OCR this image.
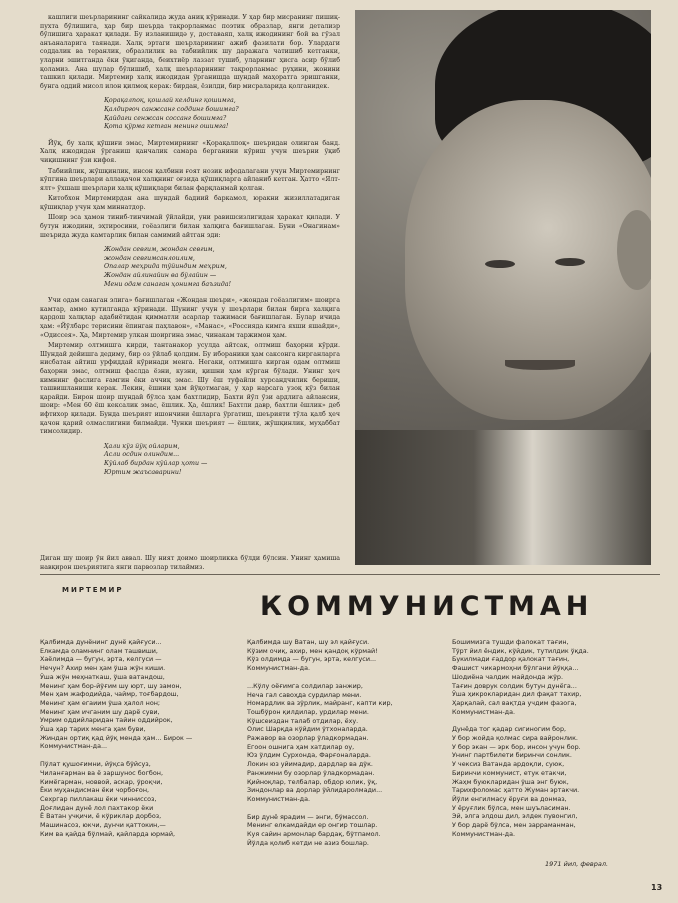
кашлиги шеърларининг сайкалида жуда аниқ кўринади. У ҳар бир мисранинг пишиқ-пухта бўлишига, ҳар бир шеърда тақрорланмас поэтик образлар, янги детализр бўлишига ҳаракат қилади. Бу изланишидә у, доставаяп, халқ ижодининг бой ва гўзал анъаналарига таянади. Халқ эртаги шеърларининг ажиб фазилати бор. Улардаги соддалик ва теранлик, образлилик ва табиийлик шу даражага чатишиб кетганки, уларни эшитганда ёки ўқиганда, беихтиёр лаззат тушиб, уларнинг ҳисга асир бўлиб қоламиз. Ана шулар бўлишиб, халқ шеърларининг тақрорланмас руҳини, жонини ташкил қилади. Миртемир халқ ижодидан ўрганишда шундай маҳоратга эришганки, бунга оддий мисол илон қилмоқ керак: бирдан, ёзилди, бир мисраларида қолганидек.

Қорақалпоқ, қошлай келдинг қошимга,
Қалдирғоч санжсанг соддинг бошимга?
Қайдаги сенжсан соссанг бошимга?
Қота қўрма кетган менинг ошимга!

Йўқ, бу халқ қўшиғи эмас, Миртемирнинг «Қорақалпоқ» шеъридан олинган банд. Халқ ижодидан ўрганиш қанчалик самара берганини кўриш учун шеърни ўқиб чиқишнинг ўзи кифоя.

Табиийлик, жўшқинлик, инсон қалбини ғоят нозик ифодалагани учун Миртемирнинг кўпгина шеърлари аллақачон халқнинг оғзида қўшиқларга айланиб кетган. Ҳатто «Ялт-ялт» ўхшаш шеърлари халқ қўшиқлари билан фарқланмай қолган.

Китобхон Миртемирдан ана шундай бадиий баркамол, юракни жизиллатадиган қўшиқлар учун ҳам миннатдор.

Шоир эса ҳамон тиниб-тинчимай ўйлайди, уни равишсизлигидан ҳаракат қилади. У бутун ижодини, эҳтиросини, гоёазлиги билан халқига бағишлаган. Буни «Онагинам» шеърида жуда камтарлик билан самимий айтган эди:

Жондан севгим, жондан севгим,
жондан севгимсанлоилим,
Опалар меҳрида тўйиндим меҳрим,
Жондан айлинайин ва бўлайин —
Мени одам санаган ҳонимга баъзида!

Учи одам санаган элига» бағишлаган «Жондан шеъри», «жондан гоёазлигим» шоирга камтар, аммо кутилганда кўринади. Шунинг учун у шеърлари билан бирга халқига қардош халқлар адабиётидан қимматли асарлар тажимаси бағишлаган. Булар ичида ҳам: «Йўлбарс терисини ёпинган паҳлавон», «Манас», «Россияда кимга яхши яшайди», «Одиссея». Ҳа, Миртемир улкан шоиргина эмас, чинакам таржимон ҳам.

Миртемир олтмишга кирди, тантанакор усулда айтсак, олтмиш баҳорни кўрди. Шундай дейишга дедиму, бир оз ўйлаб қолдим. Бу ибораники ҳам саксонга кирганларга нисбатан айтиш урфиддай кўринади менга. Негаки, олтмишга кирган одам олтмиш баҳорни эмас, олтмиш фаслда ёзни, кузни, қишни ҳам кўрган бўлади. Унинг ҳеч кимнинг фаслига ғамгин ёки аччиқ эмас. Шу ёш туфайли хурсандчилик бериши, ташвишланиши керак. Лекин, ёшини ҳам йўқотмаган, у ҳар нарсага узоқ кўз билан қарайди. Бирон шоир шундай бўлса ҳам бахтлидир, Бахти йўл ўзи ардлига айлансин, шоир: «Мен 60 ёш кексалик эмас, ёшлик. Ҳа, ёшлик! Бахтли давр, бахтли ёшлик» деб ифтихор қилади. Бунда шеърият ишончини ёшларга ўргатиш, шеърияти тўла қалб ҳеч қачон қарий олмаслигини билмайди. Чунки шеърият — ёшлик, жўшқинлик, муҳаббат тимсолидир.

Ҳали кўз йўқ ойларим,
Асли осдин олиндим...
Кўйлаб бирдан кўйлар ҳоти —
Юртим жаъсаварини!

Диган шу шоир ўн йил аввал. Шу ният доимо шоирликка бўлди бўлсин. Унинг ҳамиша навқирон шеъриятига янги парвозлар тилаймиз.

МИРТЕМИР
КОММУНИСТМАН
Қалбимда дунёнинг дунё қайғуси...
Елкамда оламнинг олам ташвиши,
Хаёлимда — бугун, эрта, келгуси —
Нечун? Ахир мен ҳам ўша жўн киши.
Ўша жўн меҳнаткаш, ўша ватандош,
Менинг ҳам бор-йўғим шу юрт, шу замон,
Мен ҳам жафодийда, чаймр, тоғбардош,
Менинг ҳам егаиим ўша ҳалол нон;
Менинг ҳам ичганим шу дарё суви,
Умрим оддийларидан тайин оддийрок,
Ўша ҳар тарих менга ҳам буви,
Жиндан ортиқ қад йўқ менда ҳам... Бирок —
Коммунистман-да...
Пўлат қушоғимни, йўқса бўйсуз,
Чиланғарман ва ё заршунос богбон,
Кимёгарман, новвой, аскар, ўроқчи,
Ёки муҳандисман ёки чорбоғон,
Сехргар пиллакаш ёки чинниссоз,
Доғлидан дунё лол пахтакор ёки
Ё Ватан учқичи, ё кўриклар дорбоз,
Машинасоз, юкчи, дунчи қаттокин,—
Ким ва қайда бўлмай, қайларда юрмай,
Қалбимда шу Ватан, шу эл қайғуси.
Кўзим очиқ, ахир, мен қандоқ кўрмай!
Кўз олдимда — бугун, эрта, келгуси...
Коммунистман-да.
...Кўлу оёғимга солдилар занжир,
Неча гал савоҳда сурдилар мени.
Номардлик ва зўрлик, майранг, капти кир,
Тошбўрон қилдилар, урдилар мени.
Кўшсеиздан талаб отдилар, ёху.
Олис Шарқда кўйдим ўтхоналарда.
Ражавор ва озорлар ўладкормадан.
Егоон ошнига ҳам хатдилар оу,
Юз ўлдим Сурхонда, Фарғоналарда.
Локин юз уйимадир, дардлар ва дўк.
Ранжимни бу озорлар ўладкормадан.
Қийноқлар, телбалар, обдор юлик, ўқ,
Зиндонлар ва дорлар ўйлидаролмади...
Коммунистман-да.
Бир дунё ярадим — энги, бўмассол.
Менинг елкамдайди ер онгир тошлар.
Куя сайин армонлар бардақ, бўтпамол.
Йўлда қолиб кетди не азиз бошлар.
Бошимизга тушди фалокат тағин,
Тўрт йил ёндик, кўйдик, тутилдик ўқда.
Букилмади ғаддор қалокат тағин,
Фашист чикармоҳни бўлгани йўққа...
Шодиёна чалдик майдонда жўр.
Тағин доврук солдик бутун дунёга...
Ўша ҳикрокларидан дил фақат тахир,
Ҳарқалай, сал вақтда учдим фазога,
Коммунистман-да.
Дунёда тог қадар сигиногим бор,
У бор жойда қолмас сира вайронлик.
У бор экан — эрк бор, инсон учун бор.
Унинг партбилети биринчи сонлик.
У чексиз Ватанда ардоқли, суюк,
Биринчи коммунист, етук етакчи,
Жаҳм буюкларидан ўша энг буюк,
Тарихфоломас ҳатто Жуман эртакчи.
Йўли енгилмасу ёруғи ва донмаз,
У ёруғлик бўлса, мен шуъласиман.
Эй, элга элдош дил, элдек пувонгил,
У бор дарё бўлса, мен зарраманман,
Коммунистман-да.
1971 йил, феврал.
13
